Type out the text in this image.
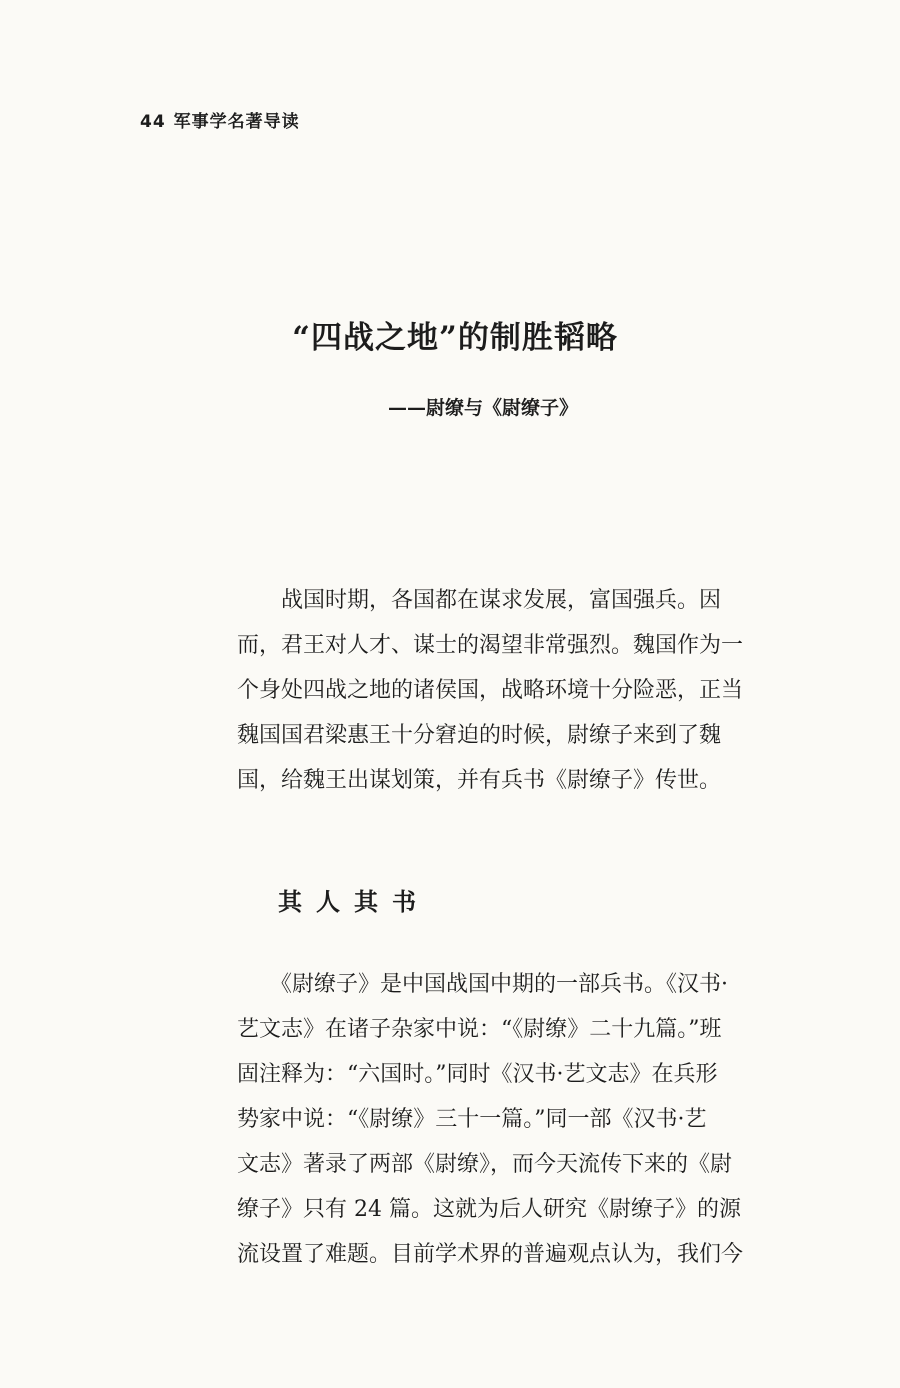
44 军事学名著导读
“四战之地”的制胜韬略
——尉缭与《尉缭子》
　　战国时期，各国都在谋求发展，富国强兵。因
而，君王对人才、谋士的渴望非常强烈。魏国作为一
个身处四战之地的诸侯国，战略环境十分险恶，正当
魏国国君梁惠王十分窘迫的时候，尉缭子来到了魏
国，给魏王出谋划策，并有兵书《尉缭子》传世。
其人其书
　　《尉缭子》是中国战国中期的一部兵书。《汉书·
艺文志》在诸子杂家中说：“《尉缭》二十九篇。”班
固注释为：“六国时。”同时《汉书·艺文志》在兵形
势家中说：“《尉缭》三十一篇。”同一部《汉书·艺
文志》著录了两部《尉缭》，而今天流传下来的《尉
缭子》只有 24 篇。这就为后人研究《尉缭子》的源
流设置了难题。目前学术界的普遍观点认为，我们今
